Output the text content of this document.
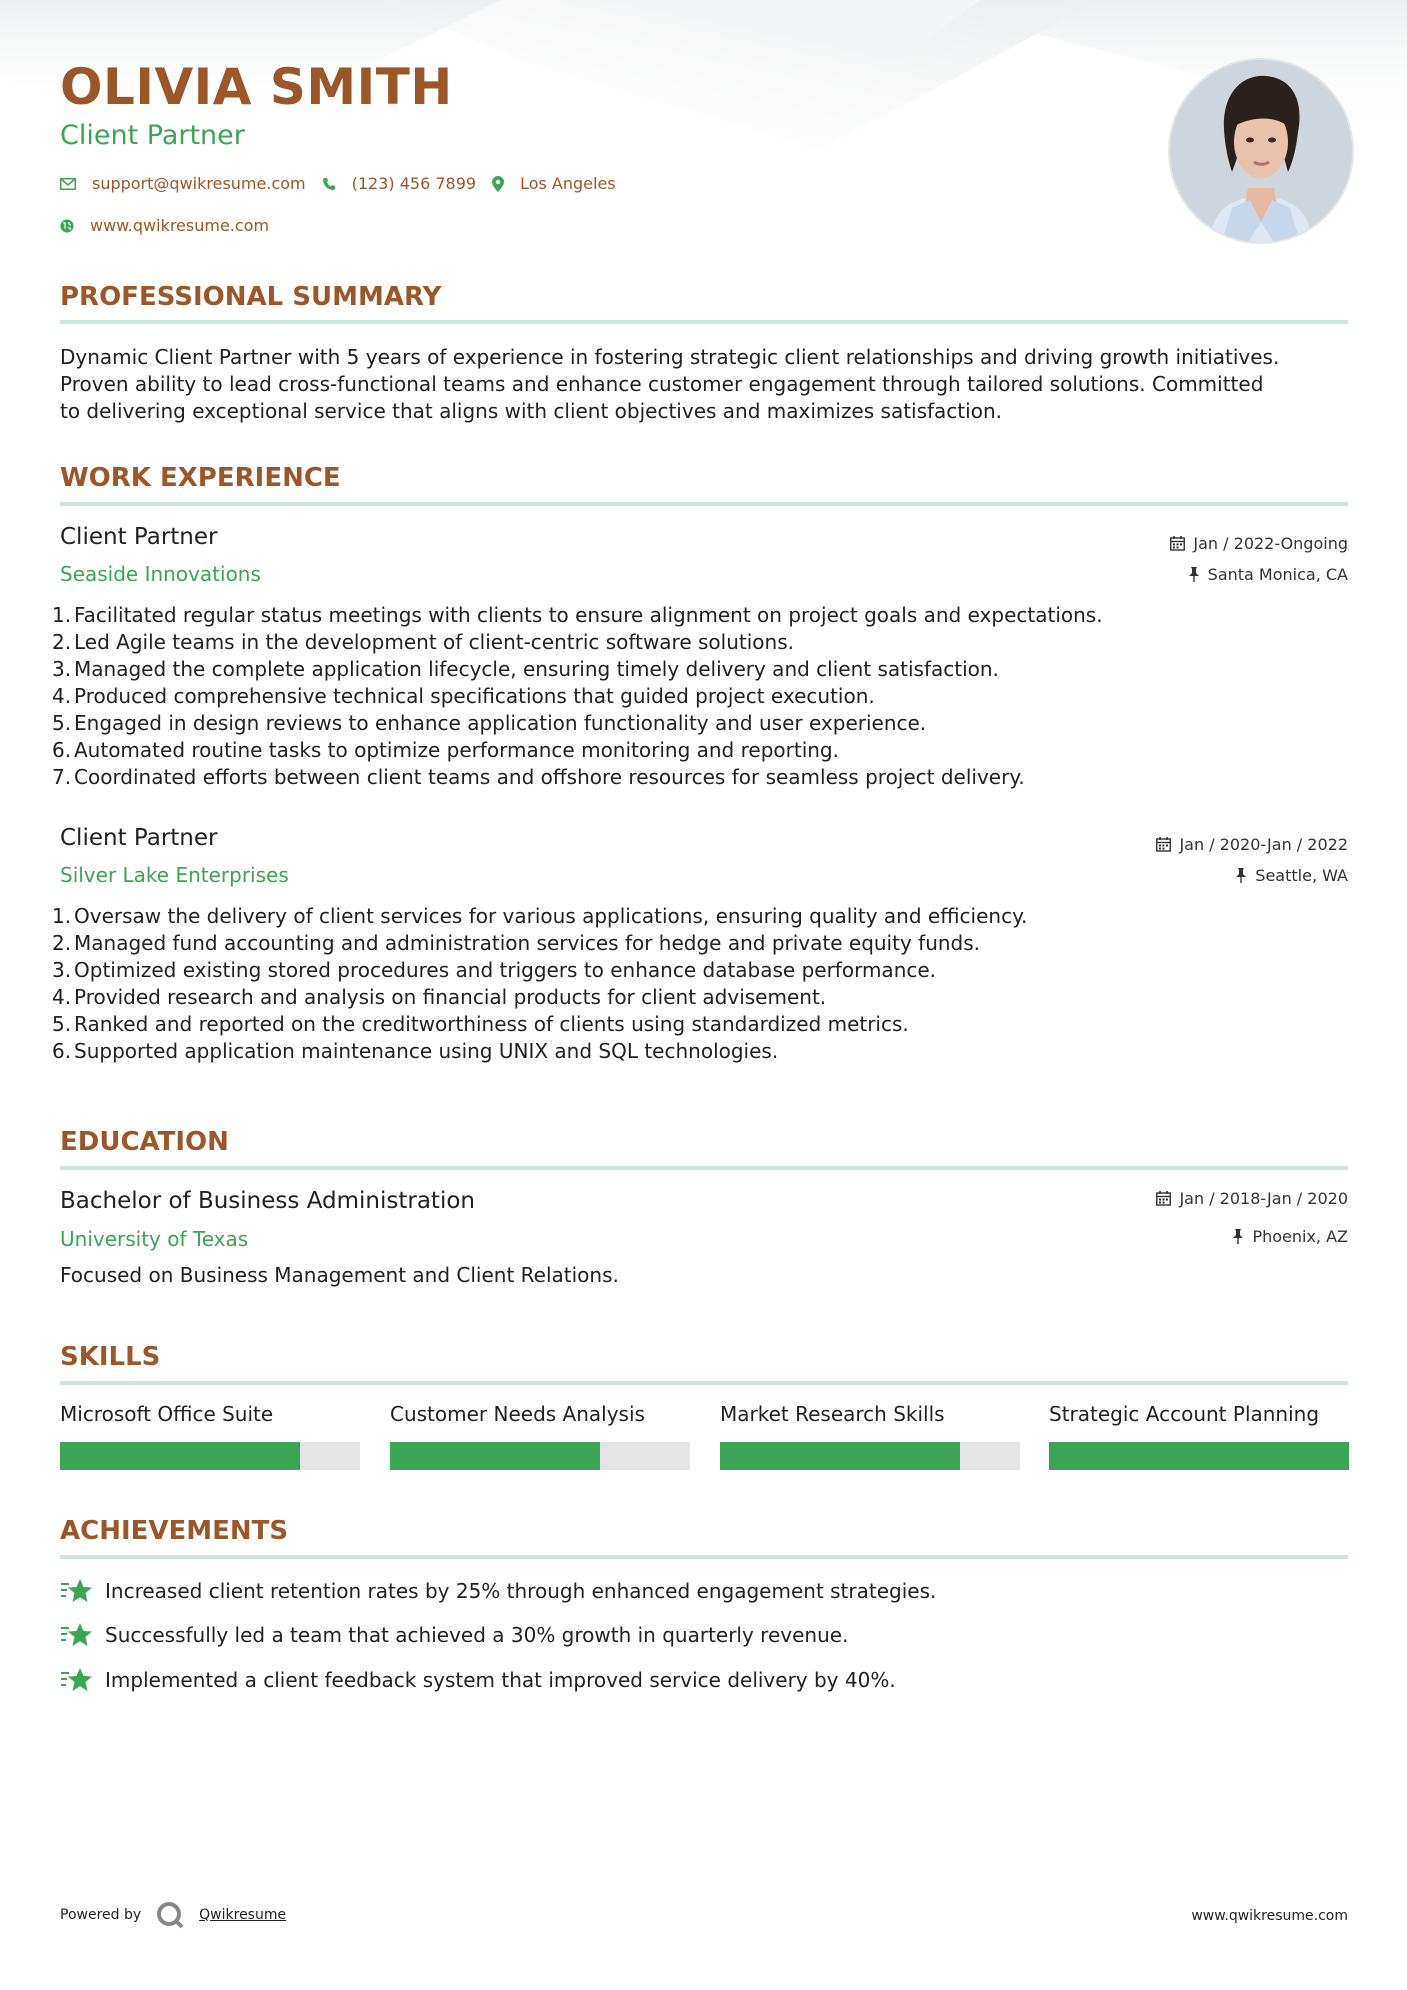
OLIVIA SMITH
Client Partner
support@qwikresume.com	(123) 456 7899	Los Angeles
www.qwikresume.com
PROFESSIONAL SUMMARY
Dynamic Client Partner with 5 years of experience in fostering strategic client relationships and driving growth initiatives.
Proven ability to lead cross-functional teams and enhance customer engagement through tailored solutions. Committed
to delivering exceptional service that aligns with client objectives and maximizes satisfaction.
WORK EXPERIENCE
Client Partner
Seaside Innovations
Jan / 2022-Ongoing
Santa Monica, CA
1. Facilitated regular status meetings with clients to ensure alignment on project goals and expectations.
2. Led Agile teams in the development of client-centric software solutions.
3. Managed the complete application lifecycle, ensuring timely delivery and client satisfaction.
4. Produced comprehensive technical specifications that guided project execution.
5. Engaged in design reviews to enhance application functionality and user experience.
6. Automated routine tasks to optimize performance monitoring and reporting.
7. Coordinated efforts between client teams and offshore resources for seamless project delivery.
Client Partner
Silver Lake Enterprises
Jan / 2020-Jan / 2022
Seattle, WA
1. Oversaw the delivery of client services for various applications, ensuring quality and efficiency.
2. Managed fund accounting and administration services for hedge and private equity funds.
3. Optimized existing stored procedures and triggers to enhance database performance.
4. Provided research and analysis on financial products for client advisement.
5. Ranked and reported on the creditworthiness of clients using standardized metrics.
6. Supported application maintenance using UNIX and SQL technologies.
EDUCATION
Bachelor of Business Administration
University of Texas
Jan / 2018-Jan / 2020
Phoenix, AZ
Focused on Business Management and Client Relations.
SKILLS
Microsoft Office Suite	Customer Needs Analysis	Market Research Skills	Strategic Account Planning
ACHIEVEMENTS
Increased client retention rates by 25% through enhanced engagement strategies.
Successfully led a team that achieved a 30% growth in quarterly revenue.
Implemented a client feedback system that improved service delivery by 40%.
Powered by	Qwikresume	www.qwikresume.com
